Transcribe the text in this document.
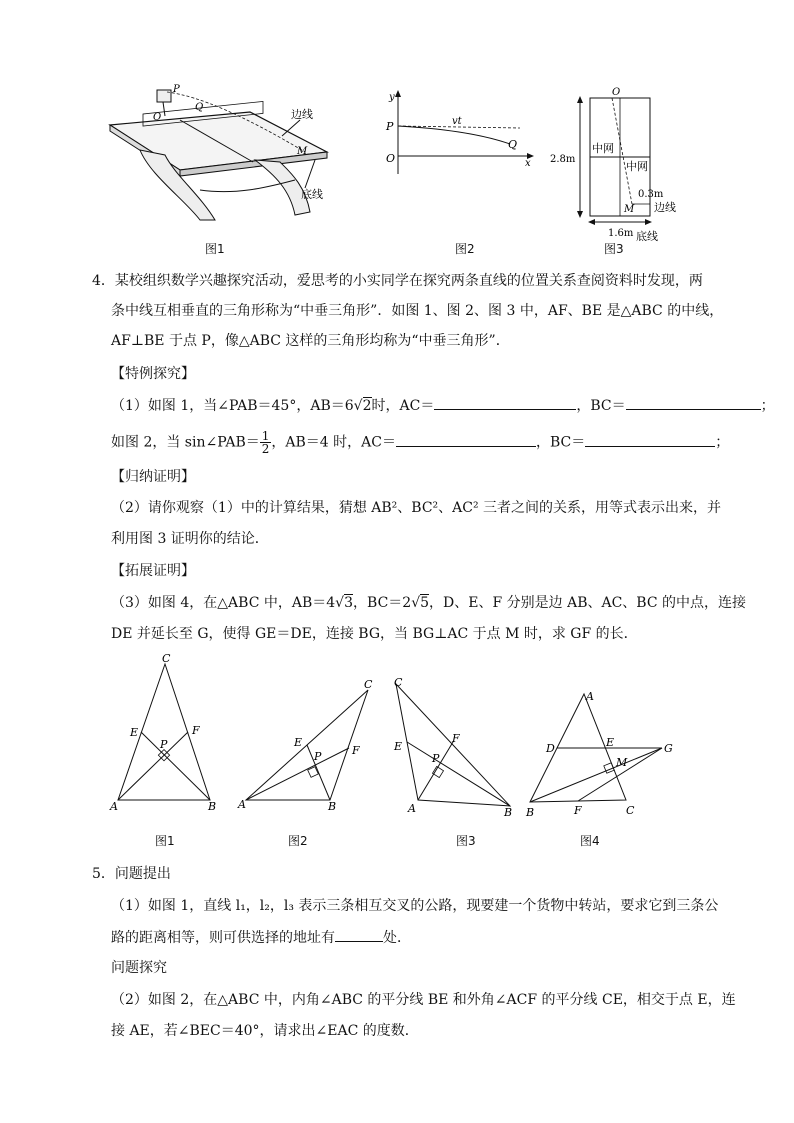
P
Q
O
M
边线
底线
图1
y
P	vt
O
Q
x
图2
O
2.8m
中网
中网
0.3m
M 边线
1.6m 底线
图3
4．某校组织数学兴趣探究活动，爱思考的小实同学在探究两条直线的位置关系查阅资料时发现，两
条中线互相垂直的三角形称为“中垂三角形”．如图 1、图 2、图 3 中，AF、BE 是△ABC 的中线，
AF⊥BE 于点 P，像△ABC 这样的三角形均称为“中垂三角形”．
【特例探究】
（1）如图 1，当∠PAB＝45°，AB＝6√2时，AC＝	，BC＝	；
如图 2，当 sin∠PAB＝ $\frac{1}{2}$ ，AB＝4 时，AC＝	，BC＝	；
【归纳证明】
（2）请你观察（1）中的计算结果，猜想 AB²、BC²、AC² 三者之间的关系，用等式表示出来，并
利用图 3 证明你的结论．
【拓展证明】
（3）如图 4，在△ABC 中，AB＝4√3，BC＝2√5，D、E、F 分别是边 AB、AC、BC 的中点，连接
DE 并延长至 G，使得 GE＝DE，连接 BG，当 BG⊥AC 于点 M 时，求 GF 的长．
C
E	F
P
A	B
图1
C
E
P	F
A	B
图2
C
E
F
P
A	B
图3
A
D	E	G
M
B	F	C
图4
5．问题提出
（1）如图 1，直线 l₁，l₂，l₃ 表示三条相互交叉的公路，现要建一个货物中转站，要求它到三条公
路的距离相等，则可供选择的地址有	处．
问题探究
（2）如图 2，在△ABC 中，内角∠ABC 的平分线 BE 和外角∠ACF 的平分线 CE，相交于点 E，连
接 AE，若∠BEC＝40°，请求出∠EAC 的度数．
